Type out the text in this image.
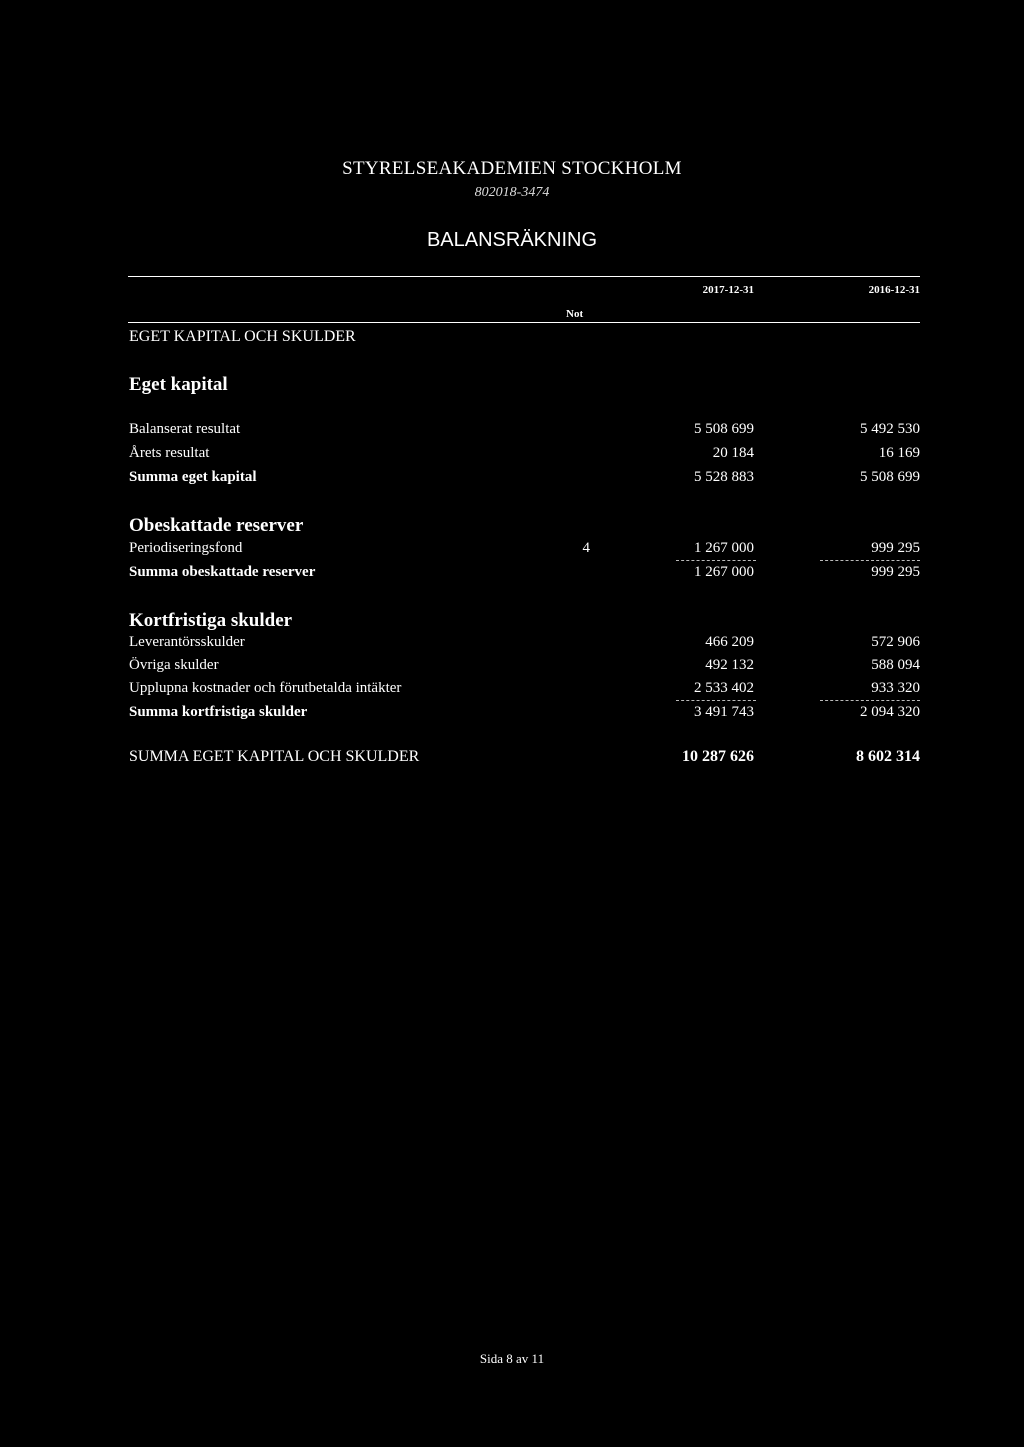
STYRELSEAKADEMIEN STOCKHOLM
802018-3474
BALANSRÄKNING
2017-12-31	2016-12-31
Not
EGET KAPITAL OCH SKULDER
Eget kapital
Balanserat resultat	5 508 699	5 492 530
Årets resultat	20 184	16 169
Summa eget kapital	5 528 883	5 508 699
Obeskattade reserver
Periodiseringsfond	4	1 267 000	999 295
Summa obeskattade reserver	1 267 000	999 295
Kortfristiga skulder
Leverantörsskulder	466 209	572 906
Övriga skulder	492 132	588 094
Upplupna kostnader och förutbetalda intäkter	2 533 402	933 320
Summa kortfristiga skulder	3 491 743	2 094 320
SUMMA EGET KAPITAL OCH SKULDER	10 287 626	8 602 314
Sida 8 av 11
